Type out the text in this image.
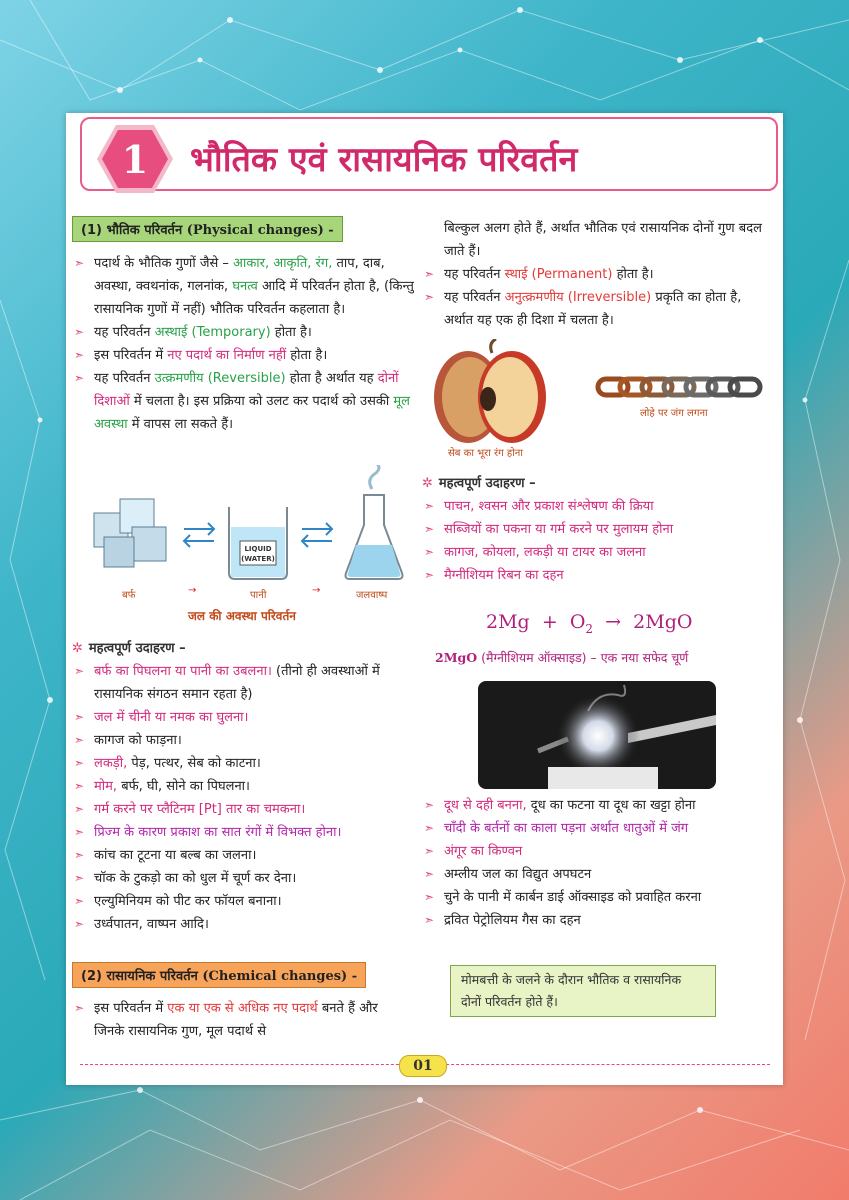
1 भौतिक एवं रासायनिक परिवर्तन
(1) भौतिक परिवर्तन (Physical changes) -
➣ पदार्थ के भौतिक गुणों जैसे – आकार, आकृति, रंग, ताप, दाब, अवस्था, क्वथनांक, गलनांक, घनत्व आदि में परिवर्तन होता है, (किन्तु रासायनिक गुणों में नहीं) भौतिक परिवर्तन कहलाता है।
➣ यह परिवर्तन अस्थाई (Temporary) होता है।
➣ इस परिवर्तन में नए पदार्थ का निर्माण नहीं होता है।
➣ यह परिवर्तन उत्क्रमणीय (Reversible) होता है अर्थात यह दोनों दिशाओं में चलता है। इस प्रक्रिया को उलट कर पदार्थ को उसकी मूल अवस्था में वापस ला सकते हैं।
LIQUID
(WATER)
बर्फ	→	पानी	→	जलवाष्प
जल की अवस्था परिवर्तन
✲ महत्वपूर्ण उदाहरण –
➣ बर्फ का पिघलना या पानी का उबलना। (तीनो ही अवस्थाओं में रासायनिक संगठन समान रहता है)
➣ जल में चीनी या नमक का घुलना।
➣ कागज को फाड़ना।
➣ लकड़ी, पेड़, पत्थर, सेब को काटना।
➣ मोम, बर्फ, घी, सोने का पिघलना।
➣ गर्म करने पर प्लैटिनम [Pt] तार का चमकना।
➣ प्रिज्म के कारण प्रकाश का सात रंगों में विभक्त होना।
➣ कांच का टूटना या बल्ब का जलना।
➣ चॉक के टुकड़ो का को धुल में चूर्ण कर देना।
➣ एल्युमिनियम को पीट कर फॉयल बनाना।
➣ उर्ध्वपातन, वाष्पन आदि।
(2) रासायनिक परिवर्तन (Chemical changes) -
➣ इस परिवर्तन में एक या एक से अधिक नए पदार्थ बनते हैं और जिनके रासायनिक गुण, मूल पदार्थ से
बिल्कुल अलग होते हैं, अर्थात भौतिक एवं रासायनिक दोनों गुण बदल जाते हैं।
➣ यह परिवर्तन स्थाई (Permanent) होता है।
➣ यह परिवर्तन अनुत्क्रमणीय (Irreversible) प्रकृति का होता है, अर्थात यह एक ही दिशा में चलता है।
सेब का भूरा रंग होना
लोहे पर जंग लगना
✲ महत्वपूर्ण उदाहरण –
➣ पाचन, श्वसन और प्रकाश संश्लेषण की क्रिया
➣ सब्जियों का पकना या गर्म करने पर मुलायम होना
➣ कागज, कोयला, लकड़ी या टायर का जलना
➣ मैग्नीशियम रिबन का दहन
$2Mg + O_2 \to 2MgO$
2MgO (मैग्नीशियम ऑक्साइड) – एक नया सफेद चूर्ण
➣ दूध से दही बनना, दूध का फटना या दूध का खट्टा होना
➣ चाँदी के बर्तनों का काला पड़ना अर्थात धातुओं में जंग
➣ अंगूर का किण्वन
➣ अम्लीय जल का विद्युत अपघटन
➣ चुने के पानी में कार्बन डाई ऑक्साइड को प्रवाहित करना
➣ द्रवित पेट्रोलियम गैस का दहन
मोमबत्ती के जलने के दौरान भौतिक व रासायनिक दोनों परिवर्तन होते हैं।
01
